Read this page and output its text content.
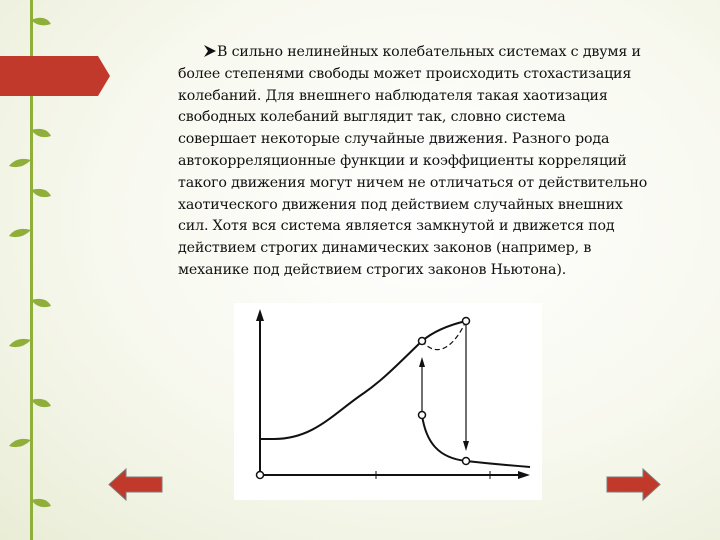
В сильно нелинейных колебательных системах с двумя и более степенями свободы может происходить стохастизация колебаний. Для внешнего наблюдателя такая хаотизация свободных колебаний выглядит так, словно система совершает некоторые случайные движения. Разного рода автокорреляционные функции и коэффициенты корреляций такого движения могут ничем не отличаться от действительно хаотического движения под действием случайных внешних сил. Хотя вся система является замкнутой и движется под действием строгих динамических законов (например, в механике под действием строгих законов Ньютона).
